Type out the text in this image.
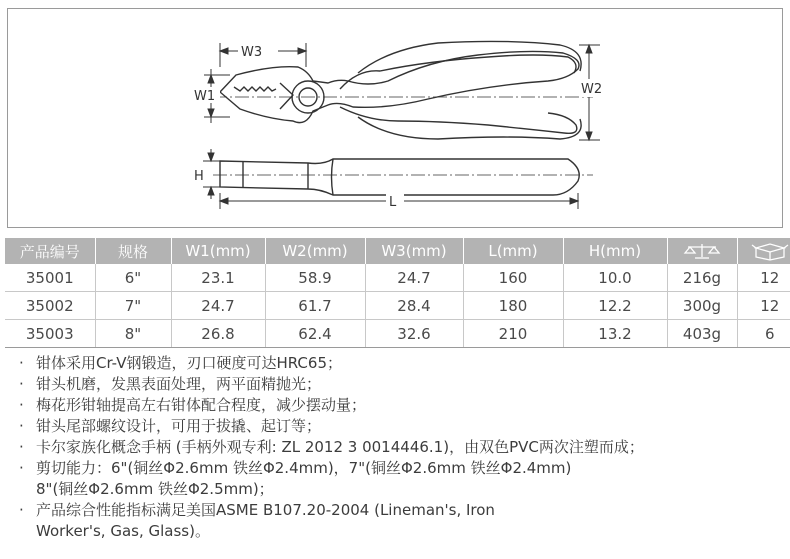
W3
W1	W2
H
L
产品编号	规格	W1(mm)	W2(mm)	W3(mm)	L(mm)	H(mm)		
35001	6"	23.1	58.9	24.7	160	10.0	216g	12
35002	7"	24.7	61.7	28.4	180	12.2	300g	12
35003	8"	26.8	62.4	32.6	210	13.2	403g	6
· 钳体采用Cr-V钢锻造，刃口硬度可达HRC65；
· 钳头机磨，发黑表面处理，两平面精抛光；
· 梅花形钳轴提高左右钳体配合程度，减少摆动量；
· 钳头尾部螺纹设计，可用于拔撬、起订等；
· 卡尔家族化概念手柄 (手柄外观专利: ZL 2012 3 0014446.1)，由双色PVC两次注塑而成；
· 剪切能力：6"(铜丝Φ2.6mm 铁丝Φ2.4mm)，7"(铜丝Φ2.6mm 铁丝Φ2.4mm)
8"(铜丝Φ2.6mm 铁丝Φ2.5mm)；
· 产品综合性能指标满足美国ASME B107.20-2004 (Lineman's, Iron
Worker's, Gas, Glass)。
